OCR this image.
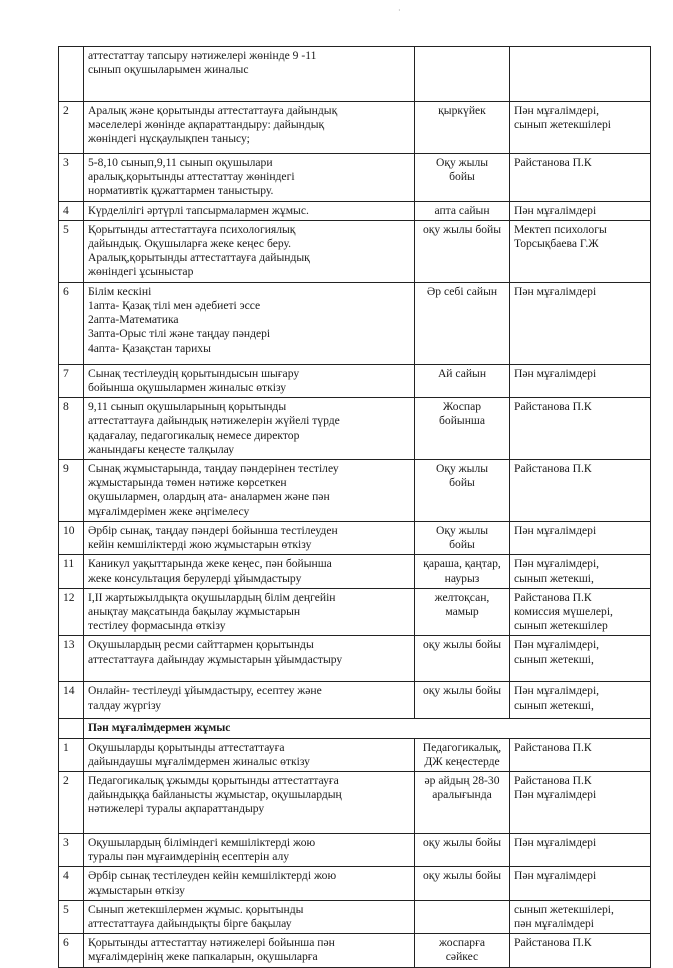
·

	аттестаттау тапсыру нәтижелері жөнінде 9 -11
сынып оқушыларымен жиналыс		

2	Аралық және қорытынды аттестаттауға дайындық
мәселелері жөнінде ақпараттандыру: дайындық
жөніндегі нұсқаулықпен танысу;	қыркүйек	Пән мұғалімдері,
сынып жетекшілері

3	5-8,10 сынып,9,11 сынып оқушылари
аралық,қорытынды аттестаттау жөніндегі
нормативтік құжаттармен таныстыру.	Оқу жылы
бойы	Райстанова П.К

4	Күрделілігі әртүрлі тапсырмалармен жұмыс.	апта сайын	Пән мұғалімдері

5	Қорытынды аттестаттауға психологиялық
дайындық. Оқушыларға жеке кеңес беру.
Аралық,қорытынды аттестаттауға дайындық
жөніндегі ұсыныстар	оқу жылы бойы	Мектеп психологы
Торсықбаева Г.Ж

6	Білім кескіні
1апта- Қазақ тілі мен әдебиеті эссе
2апта-Математика
3апта-Орыс тілі және таңдау пәндері
4апта- Қазақстан тарихы	Әр себі сайын	Пән мұғалімдері

7	Сынақ тестілеудің қорытындысын шығару
бойынша оқушылармен жиналыс өткізу	Ай сайын	Пән мұғалімдері

8	9,11 сынып оқушыларының қорытынды
аттестаттауға дайындық нәтижелерін жүйелі түрде
қадағалау, педагогикалық немесе директор
жанындағы кеңесте талқылау	Жоспар
бойынша	Райстанова П.К

9	Сынақ жұмыстарында, таңдау пәндерінен тестілеу
жұмыстарында төмен нәтиже көрсеткен
оқушылармен, олардың ата- аналармен және пән
мұғалімдерімен жеке әңгімелесу	Оқу жылы
бойы	Райстанова П.К

10	Әрбір сынақ, таңдау пәндері бойынша тестілеуден
кейін кемшіліктерді жою жұмыстарын өткізу	Оқу жылы
бойы	Пән мұғалімдері

11	Каникул уақыттарында жеке кеңес, пән бойынша
жеке консультация берулерді ұйымдастыру	қараша, қаңтар,
наурыз	Пән мұғалімдері,
сынып жетекші,

12	I,II жартыжылдықта оқушылардың білім деңгейін
анықтау мақсатында бақылау жұмыстарын
тестілеу формасында өткізу	желтоқсан,
мамыр	Райстанова П.К
комиссия мүшелері,
сынып жетекшілер

13	Оқушылардың ресми сайттармен қорытынды
аттестаттауға дайындау жұмыстарын ұйымдастыру	оқу жылы бойы	Пән мұғалімдері,
сынып жетекші,

14	Онлайн- тестілеуді ұйымдастыру, есептеу және
талдау жүргізу	оқу жылы бойы	Пән мұғалімдері,
сынып жетекші,

	Пән мұғалімдермен жұмыс		
1	Оқушыларды қорытынды аттестаттауға
дайындаушы мұғалімдермен жиналыс өткізу	Педагогикалық,
ДЖ кеңестерде	Райстанова П.К

2	Педагогикалық ұжымды қорытынды аттестаттауға
дайындыққа байланысты жұмыстар, оқушылардың
нәтижелері туралы ақпараттандыру	әр айдың 28-30
аралығында	Райстанова П.К
Пән мұғалімдері

3	Оқушылардың біліміндегі кемшіліктерді жою
туралы пән мұғаимдерінің есептерін алу	оқу жылы бойы	Пән мұғалімдері

4	Әрбір сынақ тестілеуден кейін кемшіліктерді жою
жұмыстарын өткізу	оқу жылы бойы	Пән мұғалімдері

5	Сынып жетекшілермен жұмыс. қорытынды
аттестаттауға дайындықты бірге бақылау		сынып жетекшілері,
пән мұғалімдері

6	Қорытынды аттестаттау нәтижелері бойынша пән
мұғалімдерінің жеке папкаларын, оқушыларға	жоспарға
сәйкес	Райстанова П.К
